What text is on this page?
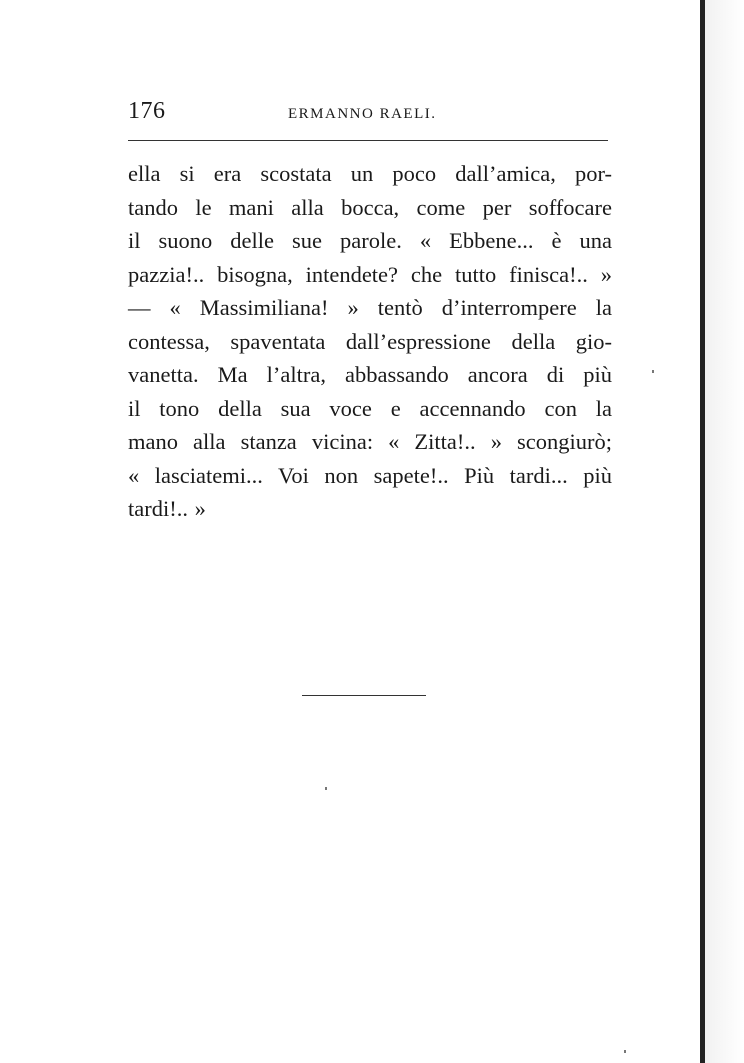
176	ERMANNO RAELI.
ella si era scostata un poco dall’amica, por-
tando le mani alla bocca, come per soffocare
il suono delle sue parole. « Ebbene... è una
pazzia!.. bisogna, intendete? che tutto finisca!.. »
— « Massimiliana! » tentò d’interrompere la
contessa, spaventata dall’espressione della gio-
vanetta. Ma l’altra, abbassando ancora di più
il tono della sua voce e accennando con la
mano alla stanza vicina: « Zitta!.. » scongiurò;
« lasciatemi... Voi non sapete!.. Più tardi... più
tardi!.. »
